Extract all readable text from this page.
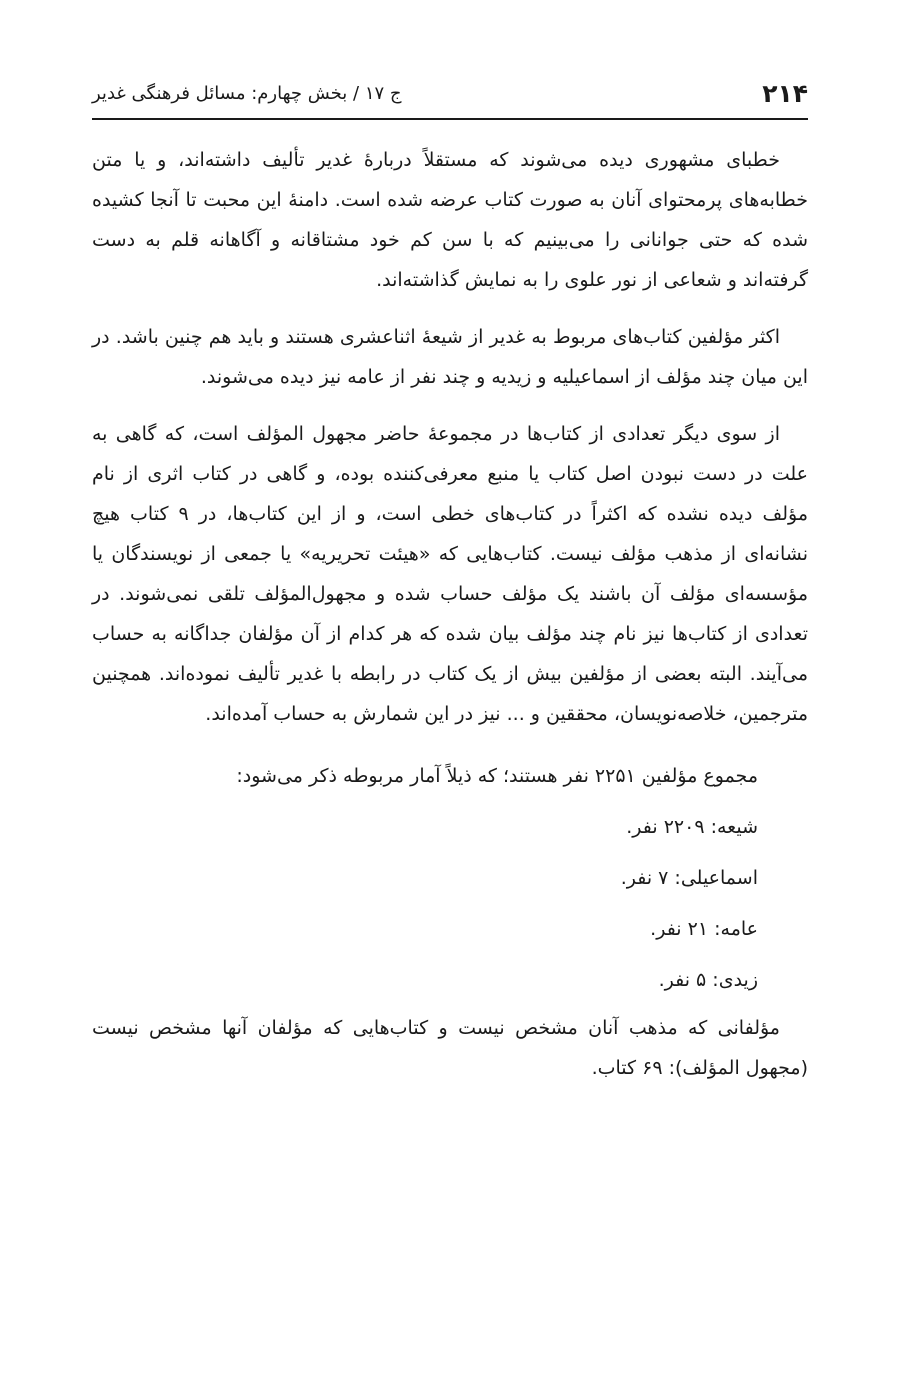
۲۱۴
ج ۱۷ / بخش چهارم: مسائل فرهنگی غدیر

خطبای مشهوری دیده می‌شوند که مستقلاً دربارهٔ غدیر تألیف داشته‌اند، و یا متن خطابه‌های پرمحتوای آنان به صورت کتاب عرضه شده است. دامنهٔ این محبت تا آنجا کشیده شده که حتی جوانانی را می‌بینیم که با سن کم خود مشتاقانه و آگاهانه قلم به دست گرفته‌اند و شعاعی از نور علوی را به نمایش گذاشته‌اند.

اکثر مؤلفین کتاب‌های مربوط به غدیر از شیعهٔ اثناعشری هستند و باید هم چنین باشد. در این میان چند مؤلف از اسماعیلیه و زیدیه و چند نفر از عامه نیز دیده می‌شوند.

از سوی دیگر تعدادی از کتاب‌ها در مجموعهٔ حاضر مجهول المؤلف است، که گاهی به علت در دست نبودن اصل کتاب یا منبع معرفی‌کننده بوده، و گاهی در کتاب اثری از نام مؤلف دیده نشده که اکثراً در کتاب‌های خطی است، و از این کتاب‌ها، در ۹ کتاب هیچ نشانه‌ای از مذهب مؤلف نیست. کتاب‌هایی که «هیئت تحریریه» یا جمعی از نویسندگان یا مؤسسه‌ای مؤلف آن باشند یک مؤلف حساب شده و مجهول‌المؤلف تلقی نمی‌شوند. در تعدادی از کتاب‌ها نیز نام چند مؤلف بیان شده که هر کدام از آن مؤلفان جداگانه به حساب می‌آیند. البته بعضی از مؤلفین بیش از یک کتاب در رابطه با غدیر تألیف نموده‌اند. همچنین مترجمین، خلاصه‌نویسان، محققین و ... نیز در این شمارش به حساب آمده‌اند.

مجموع مؤلفین ۲۲۵۱ نفر هستند؛ که ذیلاً آمار مربوطه ذکر می‌شود:
شیعه: ۲۲۰۹ نفر.
اسماعیلی: ۷ نفر.
عامه: ۲۱ نفر.
زیدی: ۵ نفر.

مؤلفانی که مذهب آنان مشخص نیست و کتاب‌هایی که مؤلفان آنها مشخص نیست (مجهول المؤلف): ۶۹ کتاب.
